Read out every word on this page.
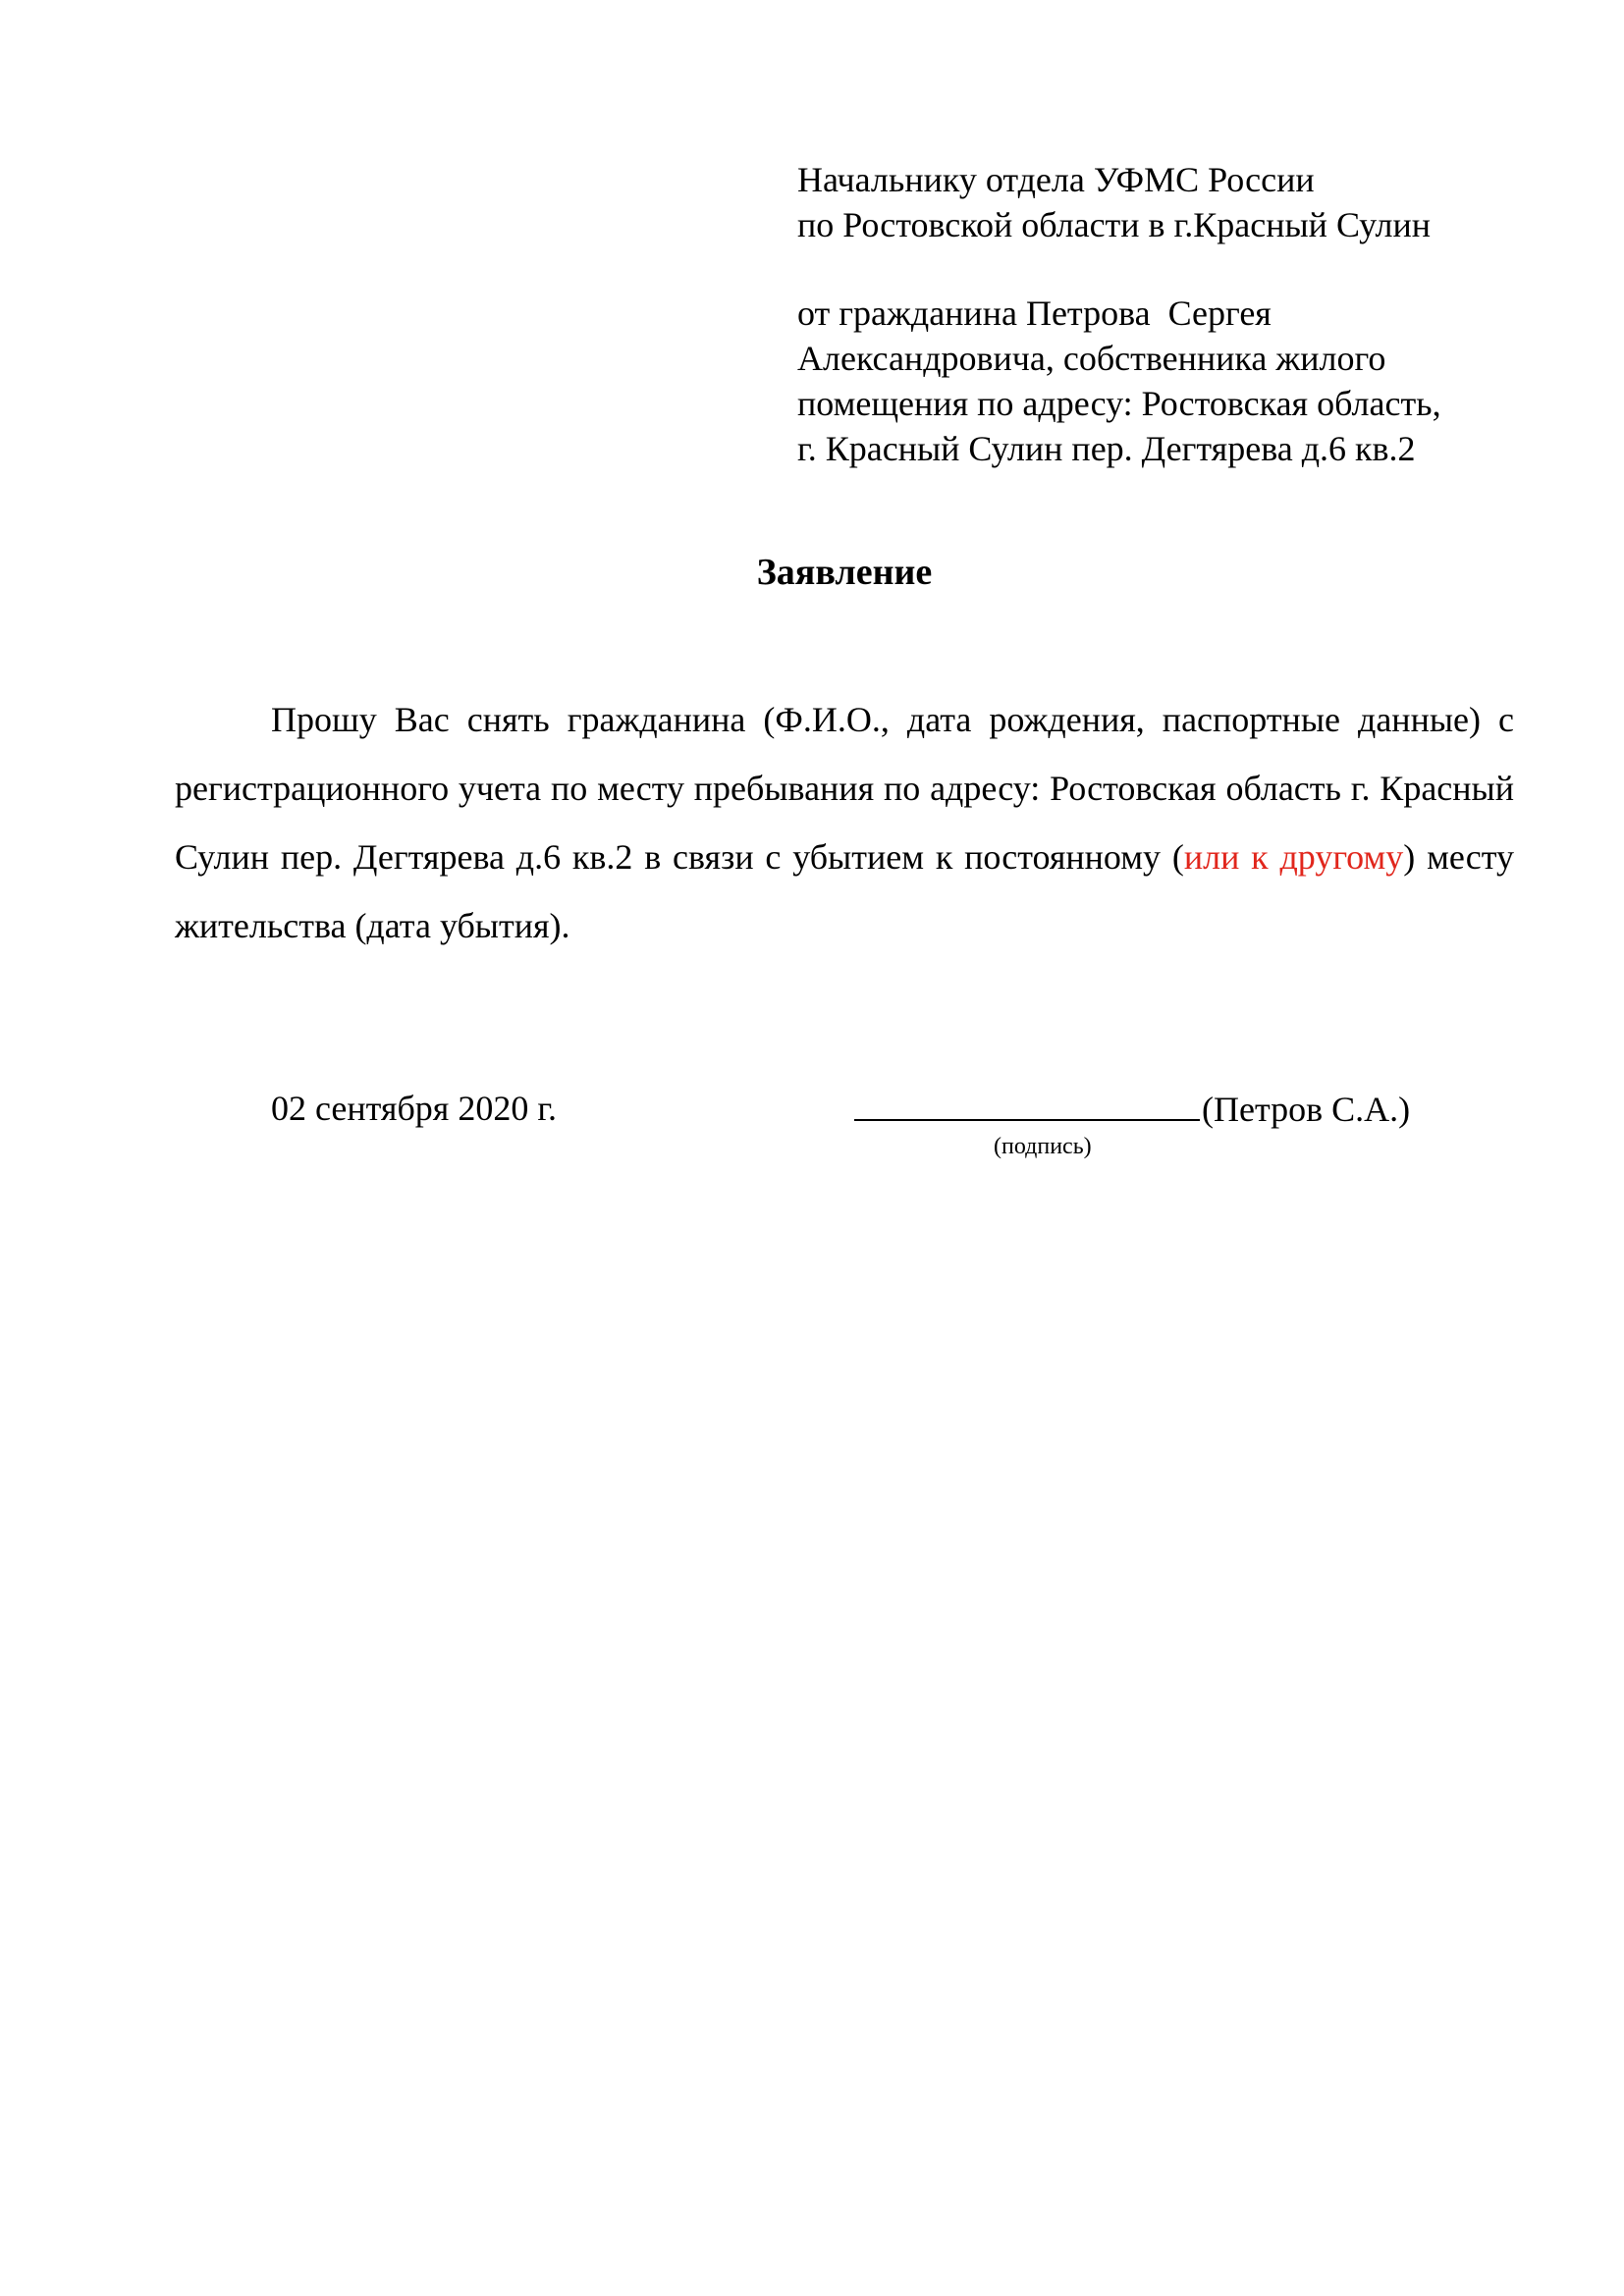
Начальнику отдела УФМС России
по Ростовской области в г.Красный Сулин
от гражданина Петрова  Сергея
Александровича, собственника жилого
помещения по адресу: Ростовская область,
г. Красный Сулин пер. Дегтярева д.6 кв.2
Заявление
Прошу Вас снять гражданина (Ф.И.О., дата рождения, паспортные данные) с регистрационного учета по месту пребывания по адресу: Ростовская область г. Красный Сулин пер. Дегтярева д.6 кв.2 в связи с убытием к постоянному (или к другому) месту жительства (дата убытия).
02 сентября 2020 г.	(Петров С.А.)
(подпись)
